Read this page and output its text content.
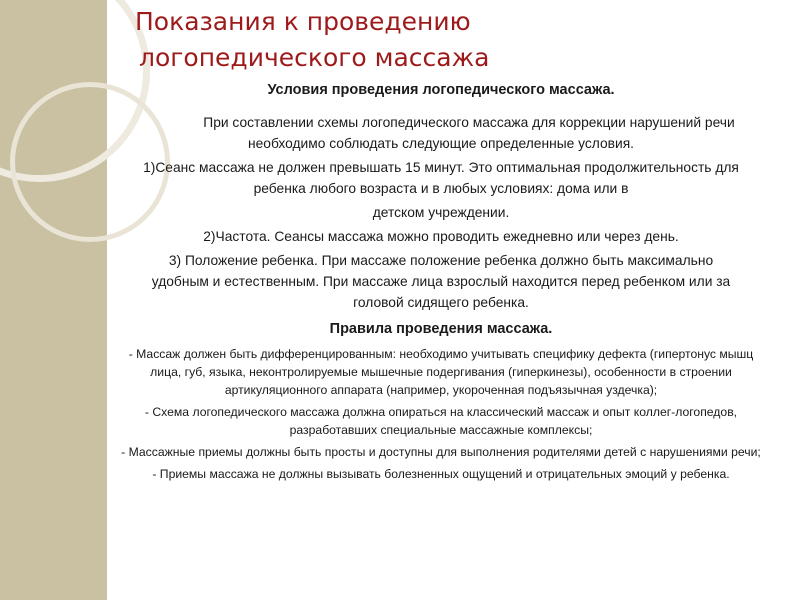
Показания к проведению
логопедического массажа
Условия проведения логопедического массажа.
При составлении схемы логопедического массажа для коррекции нарушений речи необходимо соблюдать следующие определенные условия.
1)Сеанс массажа не должен превышать 15 минут. Это оптимальная продолжительность для ребенка любого возраста и в любых условиях: дома или в
детском учреждении.
2)Частота. Сеансы массажа можно проводить ежедневно или через день.
3) Положение ребенка. При массаже положение ребенка должно быть максимально удобным и естественным. При массаже лица взрослый находится перед ребенком или за головой сидящего ребенка.
Правила проведения массажа.
- Массаж должен быть дифференцированным: необходимо учитывать специфику дефекта (гипертонус мышц лица, губ, языка, неконтролируемые мышечные подергивания (гиперкинезы), особенности в строении артикуляционного аппарата (например, укороченная подъязычная уздечка);
- Схема логопедического массажа должна опираться на классический массаж и опыт коллег-логопедов, разработавших специальные массажные комплексы;
- Массажные приемы должны быть просты и доступны для выполнения родителями детей с нарушениями речи;
- Приемы массажа не должны вызывать болезненных ощущений и отрицательных эмоций у ребенка.
